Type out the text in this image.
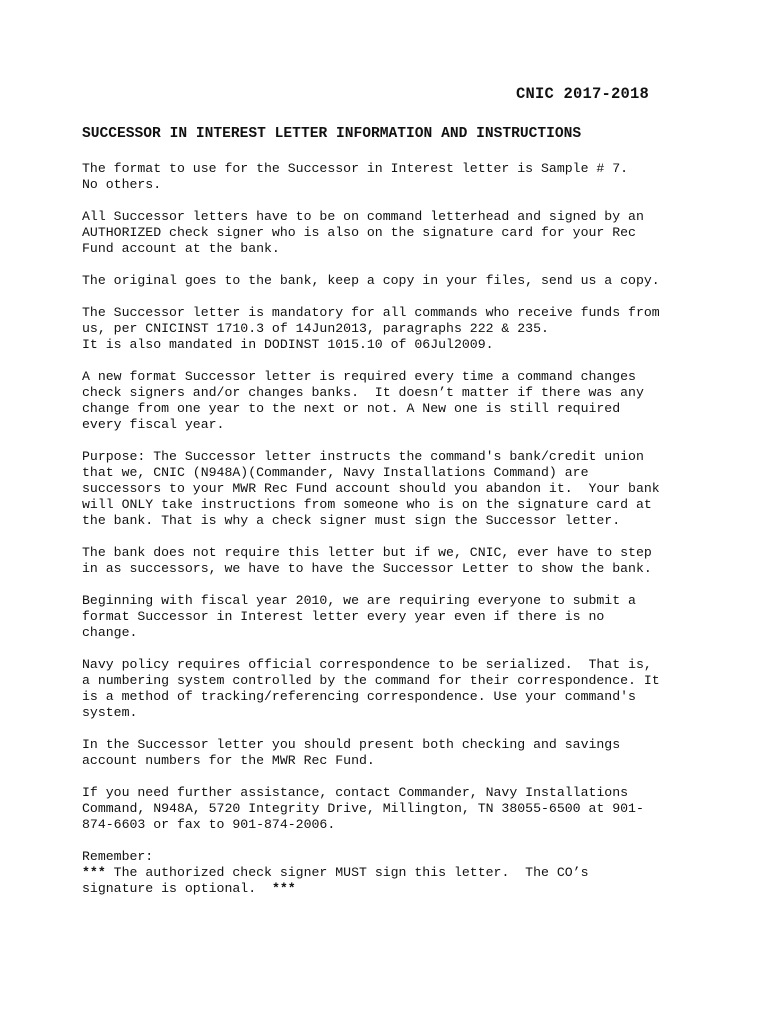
CNIC 2017-2018
SUCCESSOR IN INTEREST LETTER INFORMATION AND INSTRUCTIONS
The format to use for the Successor in Interest letter is Sample # 7.
No others.
All Successor letters have to be on command letterhead and signed by an
AUTHORIZED check signer who is also on the signature card for your Rec
Fund account at the bank.
The original goes to the bank, keep a copy in your files, send us a copy.
The Successor letter is mandatory for all commands who receive funds from
us, per CNICINST 1710.3 of 14Jun2013, paragraphs 222 & 235.
It is also mandated in DODINST 1015.10 of 06Jul2009.
A new format Successor letter is required every time a command changes
check signers and/or changes banks.  It doesn’t matter if there was any
change from one year to the next or not. A New one is still required
every fiscal year.
Purpose: The Successor letter instructs the command's bank/credit union
that we, CNIC (N948A)(Commander, Navy Installations Command) are
successors to your MWR Rec Fund account should you abandon it.  Your bank
will ONLY take instructions from someone who is on the signature card at
the bank. That is why a check signer must sign the Successor letter.
The bank does not require this letter but if we, CNIC, ever have to step
in as successors, we have to have the Successor Letter to show the bank.
Beginning with fiscal year 2010, we are requiring everyone to submit a
format Successor in Interest letter every year even if there is no
change.
Navy policy requires official correspondence to be serialized.  That is,
a numbering system controlled by the command for their correspondence. It
is a method of tracking/referencing correspondence. Use your command's
system.
In the Successor letter you should present both checking and savings
account numbers for the MWR Rec Fund.
If you need further assistance, contact Commander, Navy Installations
Command, N948A, 5720 Integrity Drive, Millington, TN 38055-6500 at 901-
874-6603 or fax to 901-874-2006.
Remember:
*** The authorized check signer MUST sign this letter.  The CO’s
signature is optional.  ***
